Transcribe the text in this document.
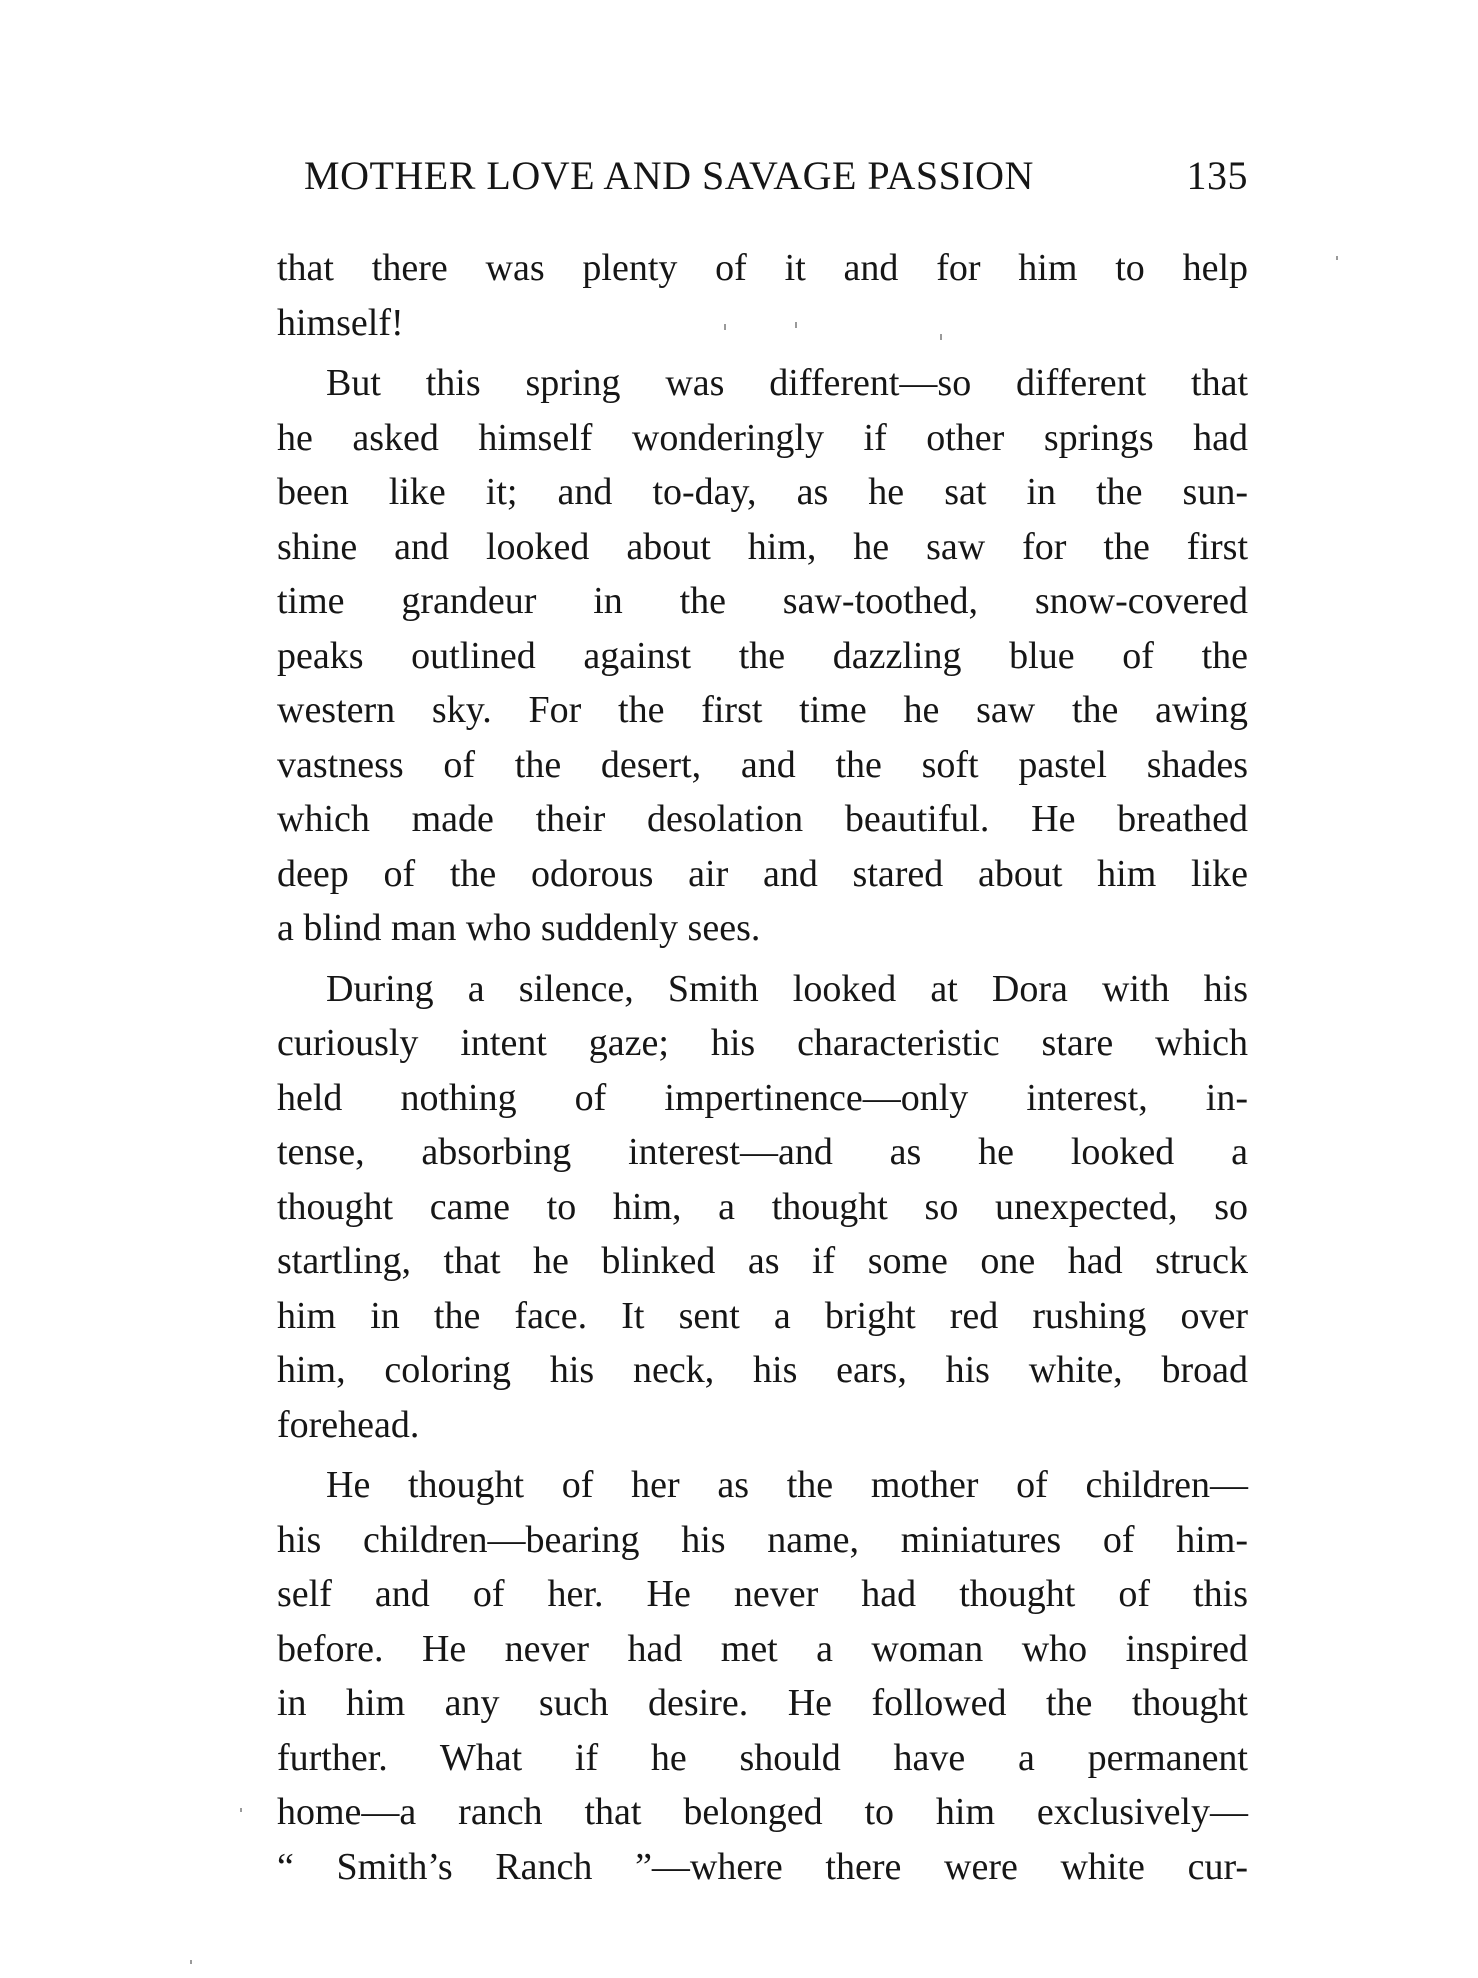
MOTHER LOVE AND SAVAGE PASSION	135
that there was plenty of it and for him to help
himself!
But this spring was different—so different that
he asked himself wonderingly if other springs had
been like it; and to-day, as he sat in the sun-
shine and looked about him, he saw for the first
time grandeur in the saw-toothed, snow-covered
peaks outlined against the dazzling blue of the
western sky. For the first time he saw the awing
vastness of the desert, and the soft pastel shades
which made their desolation beautiful. He breathed
deep of the odorous air and stared about him like
a blind man who suddenly sees.
During a silence, Smith looked at Dora with his
curiously intent gaze; his characteristic stare which
held nothing of impertinence—only interest, in-
tense, absorbing interest—and as he looked a
thought came to him, a thought so unexpected, so
startling, that he blinked as if some one had struck
him in the face. It sent a bright red rushing over
him, coloring his neck, his ears, his white, broad
forehead.
He thought of her as the mother of children—
his children—bearing his name, miniatures of him-
self and of her. He never had thought of this
before. He never had met a woman who inspired
in him any such desire. He followed the thought
further. What if he should have a permanent
home—a ranch that belonged to him exclusively—
“ Smith’s Ranch ”—where there were white cur-
